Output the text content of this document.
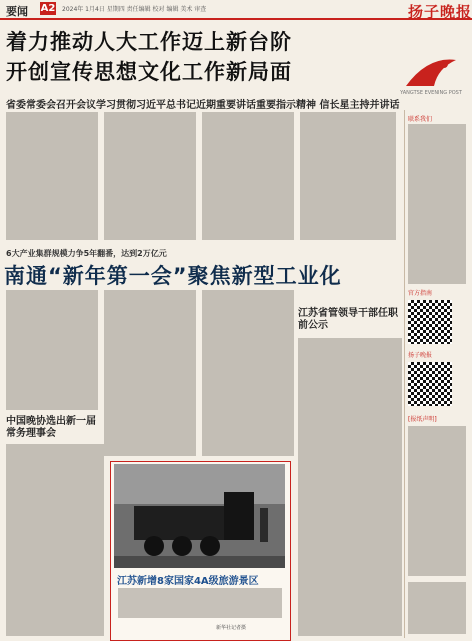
要闻 A2 2024年 1月4日 星期四 责任编辑 校对 编辑 美术 审查	扬子晚报
着力推动人大工作迈上新台阶
开创宣传思想文化工作新局面
省委常委会召开会议学习贯彻习近平总书记近期重要讲话重要指示精神 信长星主持并讲话
YANGTSE EVENING POST
6大产业集群规模力争5年翻番，达到2万亿元
南通“新年第一会”聚焦新型工业化
江苏省管领导干部任职前公示
中国晚协选出新一届常务理事会
江苏新增8家国家4A级旅游景区
新华社记者摄
联系我们
官方指南
扬子晚报
[报纸声明]
